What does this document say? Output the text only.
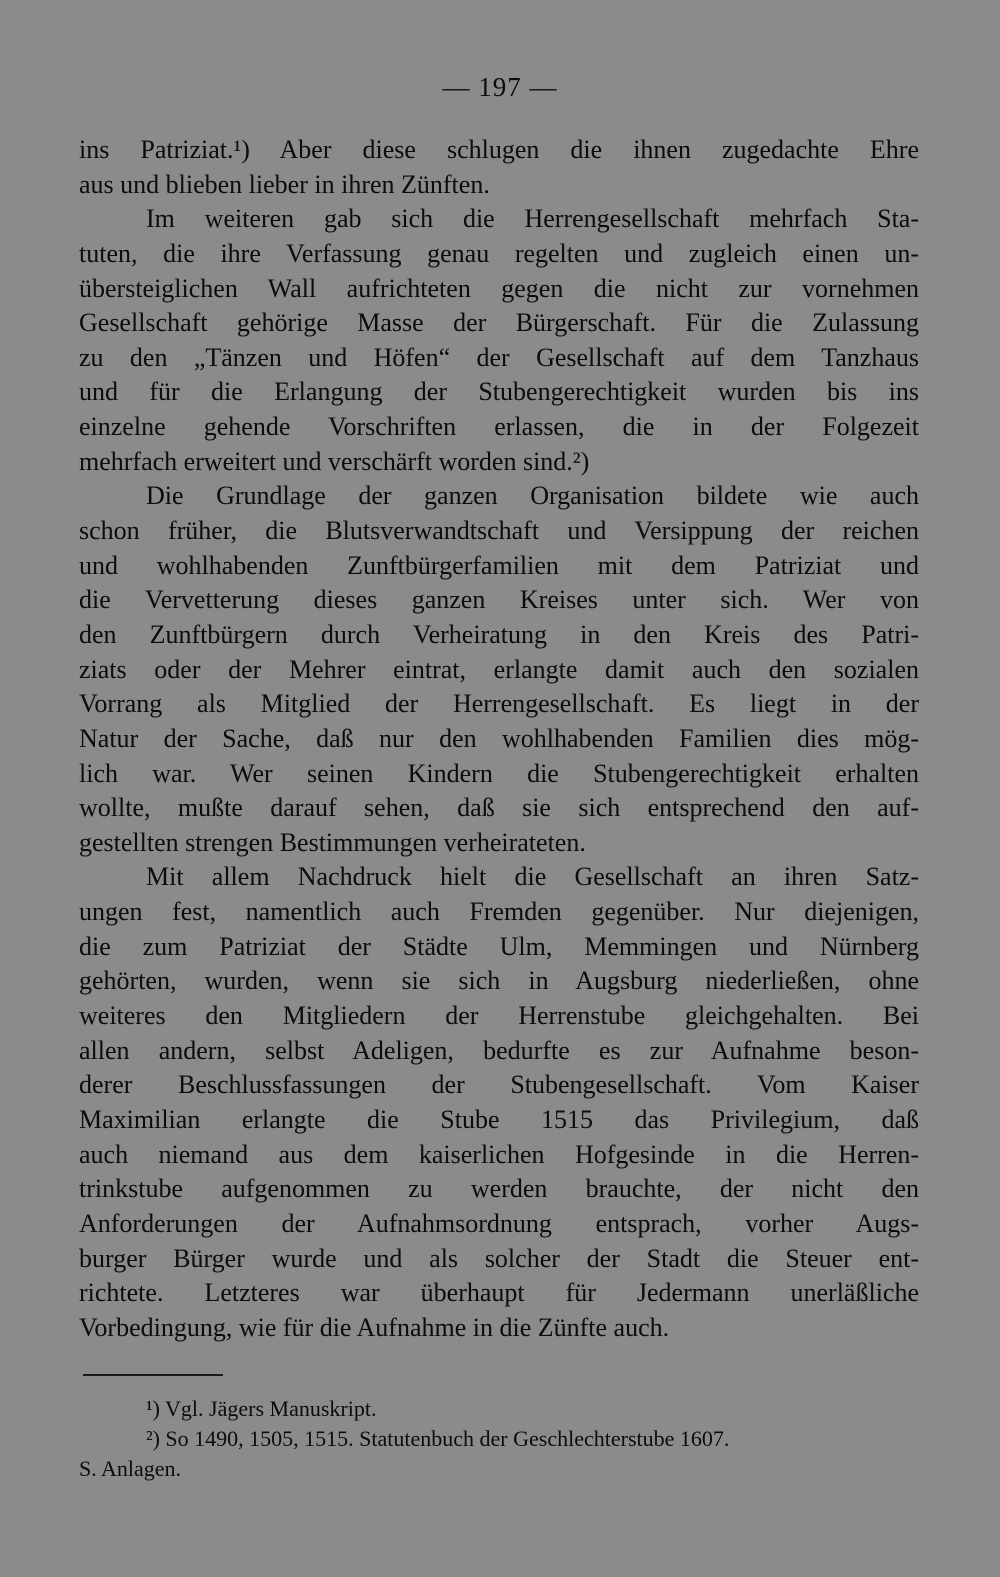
— 197 —
ins Patriziat.¹) Aber diese schlugen die ihnen zugedachte Ehre
aus und blieben lieber in ihren Zünften.
Im weiteren gab sich die Herrengesellschaft mehrfach Sta-
tuten, die ihre Verfassung genau regelten und zugleich einen un-
übersteiglichen Wall aufrichteten gegen die nicht zur vornehmen
Gesellschaft gehörige Masse der Bürgerschaft. Für die Zulassung
zu den „Tänzen und Höfen“ der Gesellschaft auf dem Tanzhaus
und für die Erlangung der Stubengerechtigkeit wurden bis ins
einzelne gehende Vorschriften erlassen, die in der Folgezeit
mehrfach erweitert und verschärft worden sind.²)
Die Grundlage der ganzen Organisation bildete wie auch
schon früher, die Blutsverwandtschaft und Versippung der reichen
und wohlhabenden Zunftbürgerfamilien mit dem Patriziat und
die Vervetterung dieses ganzen Kreises unter sich. Wer von
den Zunftbürgern durch Verheiratung in den Kreis des Patri-
ziats oder der Mehrer eintrat, erlangte damit auch den sozialen
Vorrang als Mitglied der Herrengesellschaft. Es liegt in der
Natur der Sache, daß nur den wohlhabenden Familien dies mög-
lich war. Wer seinen Kindern die Stubengerechtigkeit erhalten
wollte, mußte darauf sehen, daß sie sich entsprechend den auf-
gestellten strengen Bestimmungen verheirateten.
Mit allem Nachdruck hielt die Gesellschaft an ihren Satz-
ungen fest, namentlich auch Fremden gegenüber. Nur diejenigen,
die zum Patriziat der Städte Ulm, Memmingen und Nürnberg
gehörten, wurden, wenn sie sich in Augsburg niederließen, ohne
weiteres den Mitgliedern der Herrenstube gleichgehalten. Bei
allen andern, selbst Adeligen, bedurfte es zur Aufnahme beson-
derer Beschlussfassungen der Stubengesellschaft. Vom Kaiser
Maximilian erlangte die Stube 1515 das Privilegium, daß
auch niemand aus dem kaiserlichen Hofgesinde in die Herren-
trinkstube aufgenommen zu werden brauchte, der nicht den
Anforderungen der Aufnahmsordnung entsprach, vorher Augs-
burger Bürger wurde und als solcher der Stadt die Steuer ent-
richtete. Letzteres war überhaupt für Jedermann unerläßliche
Vorbedingung, wie für die Aufnahme in die Zünfte auch.
¹) Vgl. Jägers Manuskript.
²) So 1490, 1505, 1515. Statutenbuch der Geschlechterstube 1607.
S. Anlagen.
